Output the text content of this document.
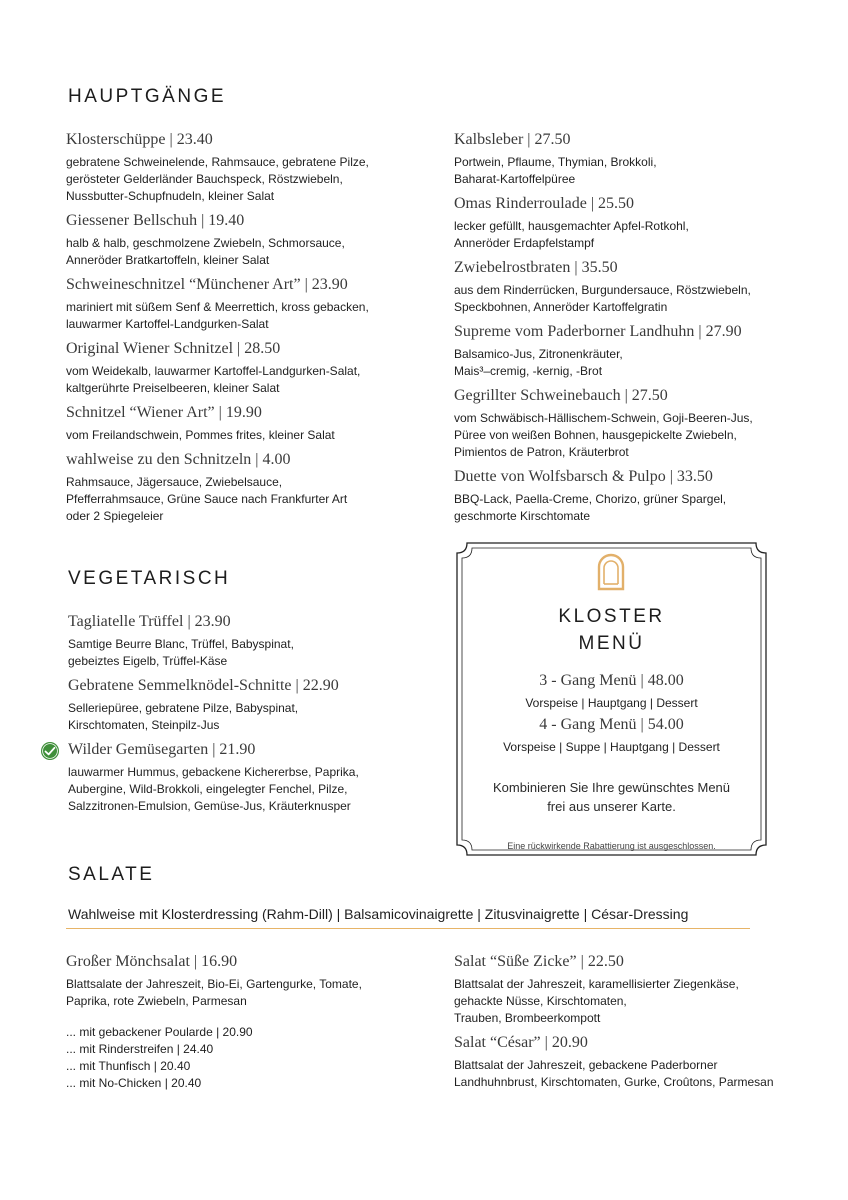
HAUPTGÄNGE
Klosterschüppe | 23.40
gebratene Schweinelende, Rahmsauce, gebratene Pilze,
gerösteter Gelderländer Bauchspeck, Röstzwiebeln,
Nussbutter-Schupfnudeln, kleiner Salat
Giessener Bellschuh | 19.40
halb & halb, geschmolzene Zwiebeln, Schmorsauce,
Anneröder Bratkartoffeln, kleiner Salat
Schweineschnitzel “Münchener Art” | 23.90
mariniert mit süßem Senf & Meerrettich, kross gebacken,
lauwarmer Kartoffel-Landgurken-Salat
Original Wiener Schnitzel | 28.50
vom Weidekalb, lauwarmer Kartoffel-Landgurken-Salat,
kaltgerührte Preiselbeeren, kleiner Salat
Schnitzel “Wiener Art” | 19.90
vom Freilandschwein, Pommes frites, kleiner Salat
wahlweise zu den Schnitzeln | 4.00
Rahmsauce, Jägersauce, Zwiebelsauce,
Pfefferrahmsauce, Grüne Sauce nach Frankfurter Art
oder 2 Spiegeleier
Kalbsleber | 27.50
Portwein, Pflaume, Thymian, Brokkoli,
Baharat-Kartoffelpüree
Omas Rinderroulade | 25.50
lecker gefüllt, hausgemachter Apfel-Rotkohl,
Anneröder Erdapfelstampf
Zwiebelrostbraten | 35.50
aus dem Rinderrücken, Burgundersauce, Röstzwiebeln,
Speckbohnen, Anneröder Kartoffelgratin
Supreme vom Paderborner Landhuhn | 27.90
Balsamico-Jus, Zitronenkräuter,
Mais³–cremig, -kernig, -Brot
Gegrillter Schweinebauch | 27.50
vom Schwäbisch-Hällischem-Schwein, Goji-Beeren-Jus,
Püree von weißen Bohnen, hausgepickelte Zwiebeln,
Pimientos de Patron, Kräuterbrot
Duette von Wolfsbarsch & Pulpo | 33.50
BBQ-Lack, Paella-Creme, Chorizo, grüner Spargel,
geschmorte Kirschtomate
VEGETARISCH
Tagliatelle Trüffel | 23.90
Samtige Beurre Blanc, Trüffel, Babyspinat,
gebeiztes Eigelb, Trüffel-Käse
Gebratene Semmelknödel-Schnitte | 22.90
Selleriepüree, gebratene Pilze, Babyspinat,
Kirschtomaten, Steinpilz-Jus
Wilder Gemüsegarten | 21.90
lauwarmer Hummus, gebackene Kichererbse, Paprika,
Aubergine, Wild-Brokkoli, eingelegter Fenchel, Pilze,
Salzzitronen-Emulsion, Gemüse-Jus, Kräuterknusper
KLOSTER
MENÜ
3 - Gang Menü | 48.00
Vorspeise | Hauptgang | Dessert
4 - Gang Menü | 54.00
Vorspeise | Suppe | Hauptgang | Dessert
Kombinieren Sie Ihre gewünschtes Menü
frei aus unserer Karte.
Eine rückwirkende Rabattierung ist ausgeschlossen.
SALATE
Wahlweise mit Klosterdressing (Rahm-Dill) | Balsamicovinaigrette | Zitusvinaigrette | César-Dressing
Großer Mönchsalat | 16.90
Blattsalate der Jahreszeit, Bio-Ei, Gartengurke, Tomate,
Paprika, rote Zwiebeln, Parmesan
... mit gebackener Poularde | 20.90
... mit Rinderstreifen | 24.40
... mit Thunfisch | 20.40
... mit No-Chicken | 20.40
Salat “Süße Zicke” | 22.50
Blattsalat der Jahreszeit, karamellisierter Ziegenkäse,
gehackte Nüsse, Kirschtomaten,
Trauben, Brombeerkompott
Salat “César” | 20.90
Blattsalat der Jahreszeit, gebackene Paderborner
Landhuhnbrust, Kirschtomaten, Gurke, Croûtons, Parmesan
